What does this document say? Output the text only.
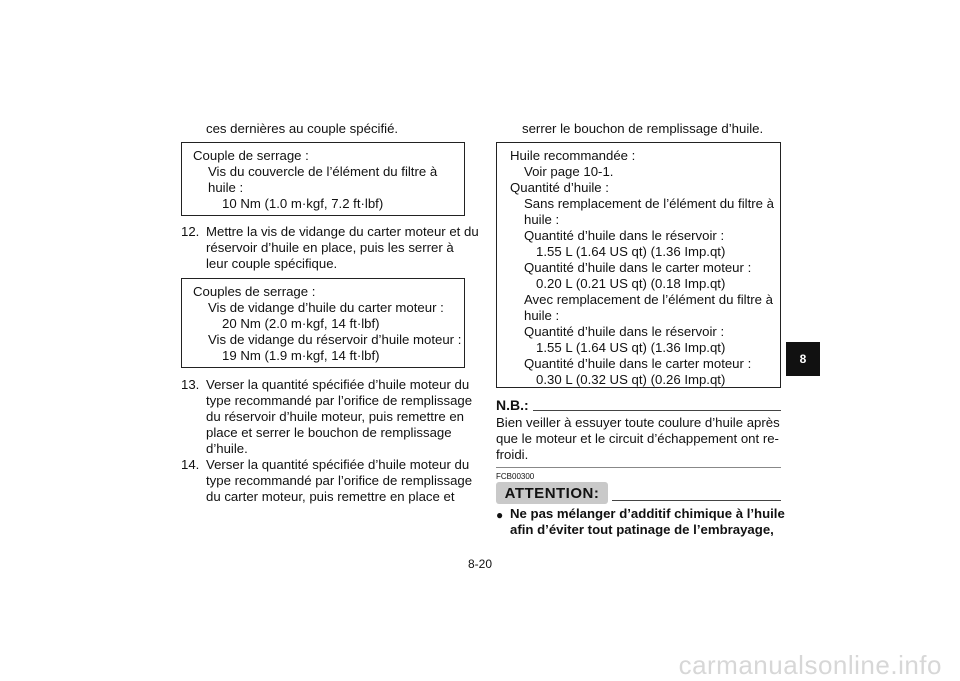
ces dernières au couple spécifié.
Couple de serrage :
Vis du couvercle de l’élément du filtre à
huile :
10 Nm (1.0 m·kgf, 7.2 ft·lbf)
12. Mettre la vis de vidange du carter moteur et du
réservoir d’huile en place, puis les serrer à
leur couple spécifique.
Couples de serrage :
Vis de vidange d’huile du carter moteur :
20 Nm (2.0 m·kgf, 14 ft·lbf)
Vis de vidange du réservoir d’huile moteur :
19 Nm (1.9 m·kgf, 14 ft·lbf)
13. Verser la quantité spécifiée d’huile moteur du
type recommandé par l’orifice de remplissage
du réservoir d’huile moteur, puis remettre en
place et serrer le bouchon de remplissage
d’huile.
14. Verser la quantité spécifiée d’huile moteur du
type recommandé par l’orifice de remplissage
du carter moteur, puis remettre en place et
serrer le bouchon de remplissage d’huile.
Huile recommandée :
Voir page 10-1.
Quantité d’huile :
Sans remplacement de l’élément du filtre à
huile :
Quantité d’huile dans le réservoir :
1.55 L (1.64 US qt) (1.36 Imp.qt)
Quantité d’huile dans le carter moteur :
0.20 L (0.21 US qt) (0.18 Imp.qt)
Avec remplacement de l’élément du filtre à
huile :
Quantité d’huile dans le réservoir :
1.55 L (1.64 US qt) (1.36 Imp.qt)
Quantité d’huile dans le carter moteur :
0.30 L (0.32 US qt) (0.26 Imp.qt)
N.B.:
Bien veiller à essuyer toute coulure d’huile après
que le moteur et le circuit d’échappement ont re-
froidi.
FCB00300
ATTENTION:
● Ne pas mélanger d’additif chimique à l’huile
afin d’éviter tout patinage de l’embrayage,
8
8-20
carmanualsonline.info
